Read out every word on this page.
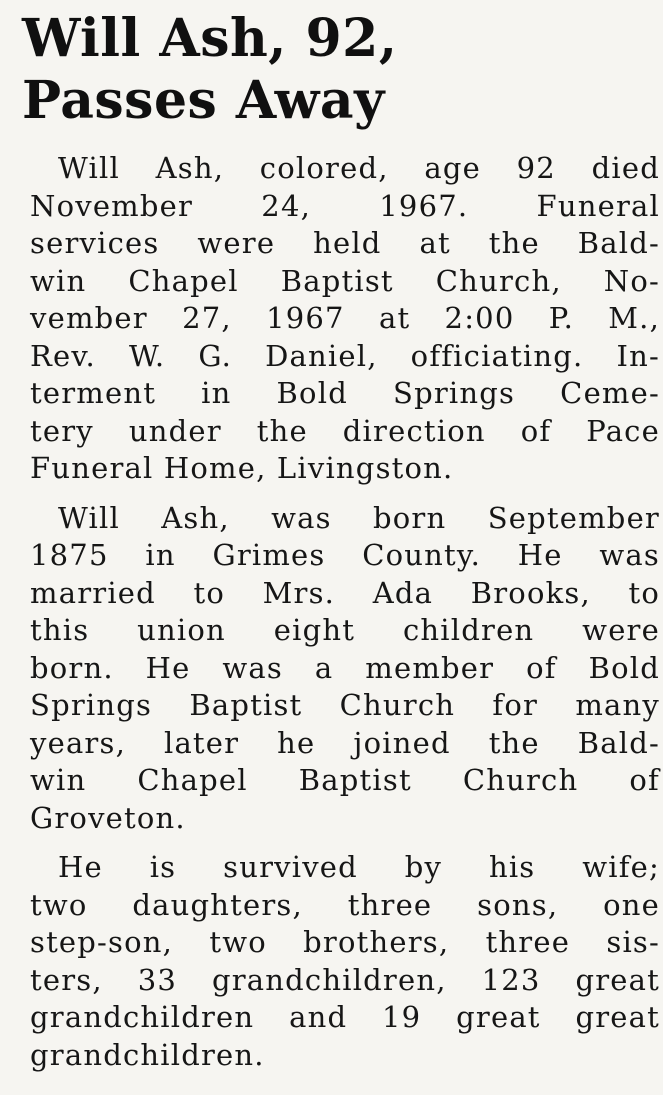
Will Ash, 92,
Passes Away

Will Ash, colored, age 92 died
November 24, 1967. Funeral
services were held at the Bald-
win Chapel Baptist Church, No-
vember 27, 1967 at 2:00 P. M.,
Rev. W. G. Daniel, officiating. In-
terment in Bold Springs Ceme-
tery under the direction of Pace
Funeral Home, Livingston.

Will Ash, was born September
1875 in Grimes County. He was
married to Mrs. Ada Brooks, to
this union eight children were
born. He was a member of Bold
Springs Baptist Church for many
years, later he joined the Bald-
win Chapel Baptist Church of
Groveton.

He is survived by his wife;
two daughters, three sons, one
step-son, two brothers, three sis-
ters, 33 grandchildren, 123 great
grandchildren and 19 great great
grandchildren.
